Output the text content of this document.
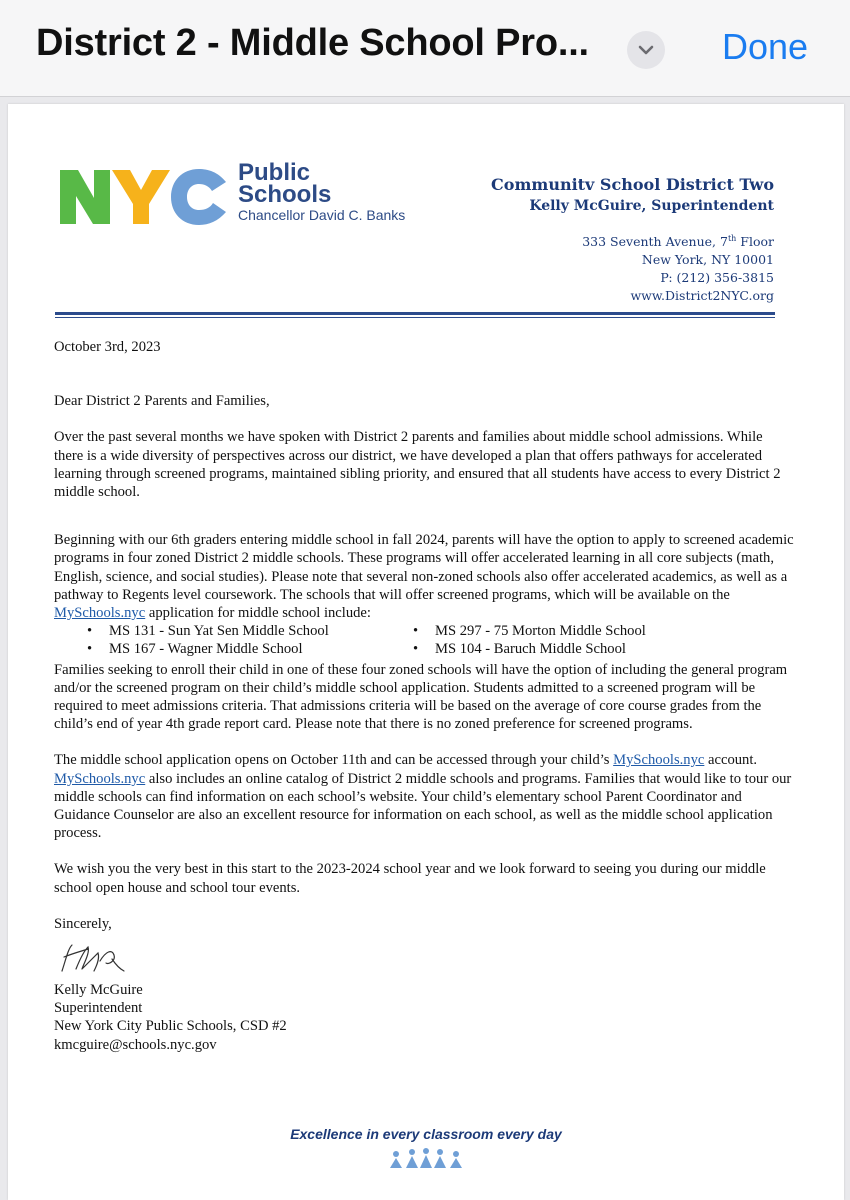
District 2 - Middle School Pro...	Done
Public
Schools
Chancellor David C. Banks
Communitv School District Two
Kelly McGuire, Superintendent
333 Seventh Avenue, 7th Floor
New York, NY 10001
P: (212) 356-3815
www.District2NYC.org

October 3rd, 2023

Dear District 2 Parents and Families,

Over the past several months we have spoken with District 2 parents and families about middle school admissions. While there is a wide diversity of perspectives across our district, we have developed a plan that offers pathways for accelerated learning through screened programs, maintained sibling priority, and ensured that all students have access to every District 2 middle school.

Beginning with our 6th graders entering middle school in fall 2024, parents will have the option to apply to screened academic programs in four zoned District 2 middle schools. These programs will offer accelerated learning in all core subjects (math, English, science, and social studies). Please note that several non-zoned schools also offer accelerated academics, as well as a pathway to Regents level coursework. The schools that will offer screened programs, which will be available on the MySchools.nyc application for middle school include:

• MS 131 - Sun Yat Sen Middle School	• MS 297 - 75 Morton Middle School
• MS 167 - Wagner Middle School	• MS 104 - Baruch Middle School

Families seeking to enroll their child in one of these four zoned schools will have the option of including the general program and/or the screened program on their child’s middle school application. Students admitted to a screened program will be required to meet admissions criteria. That admissions criteria will be based on the average of core course grades from the child’s end of year 4th grade report card. Please note that there is no zoned preference for screened programs.

The middle school application opens on October 11th and can be accessed through your child’s MySchools.nyc account. MySchools.nyc also includes an online catalog of District 2 middle schools and programs. Families that would like to tour our middle schools can find information on each school’s website. Your child’s elementary school Parent Coordinator and Guidance Counselor are also an excellent resource for information on each school, as well as the middle school application process.

We wish you the very best in this start to the 2023-2024 school year and we look forward to seeing you during our middle school open house and school tour events.

Sincerely,

Kelly McGuire

Superintendent

New York City Public Schools, CSD #2

kmcguire@schools.nyc.gov

Excellence in every classroom every day
